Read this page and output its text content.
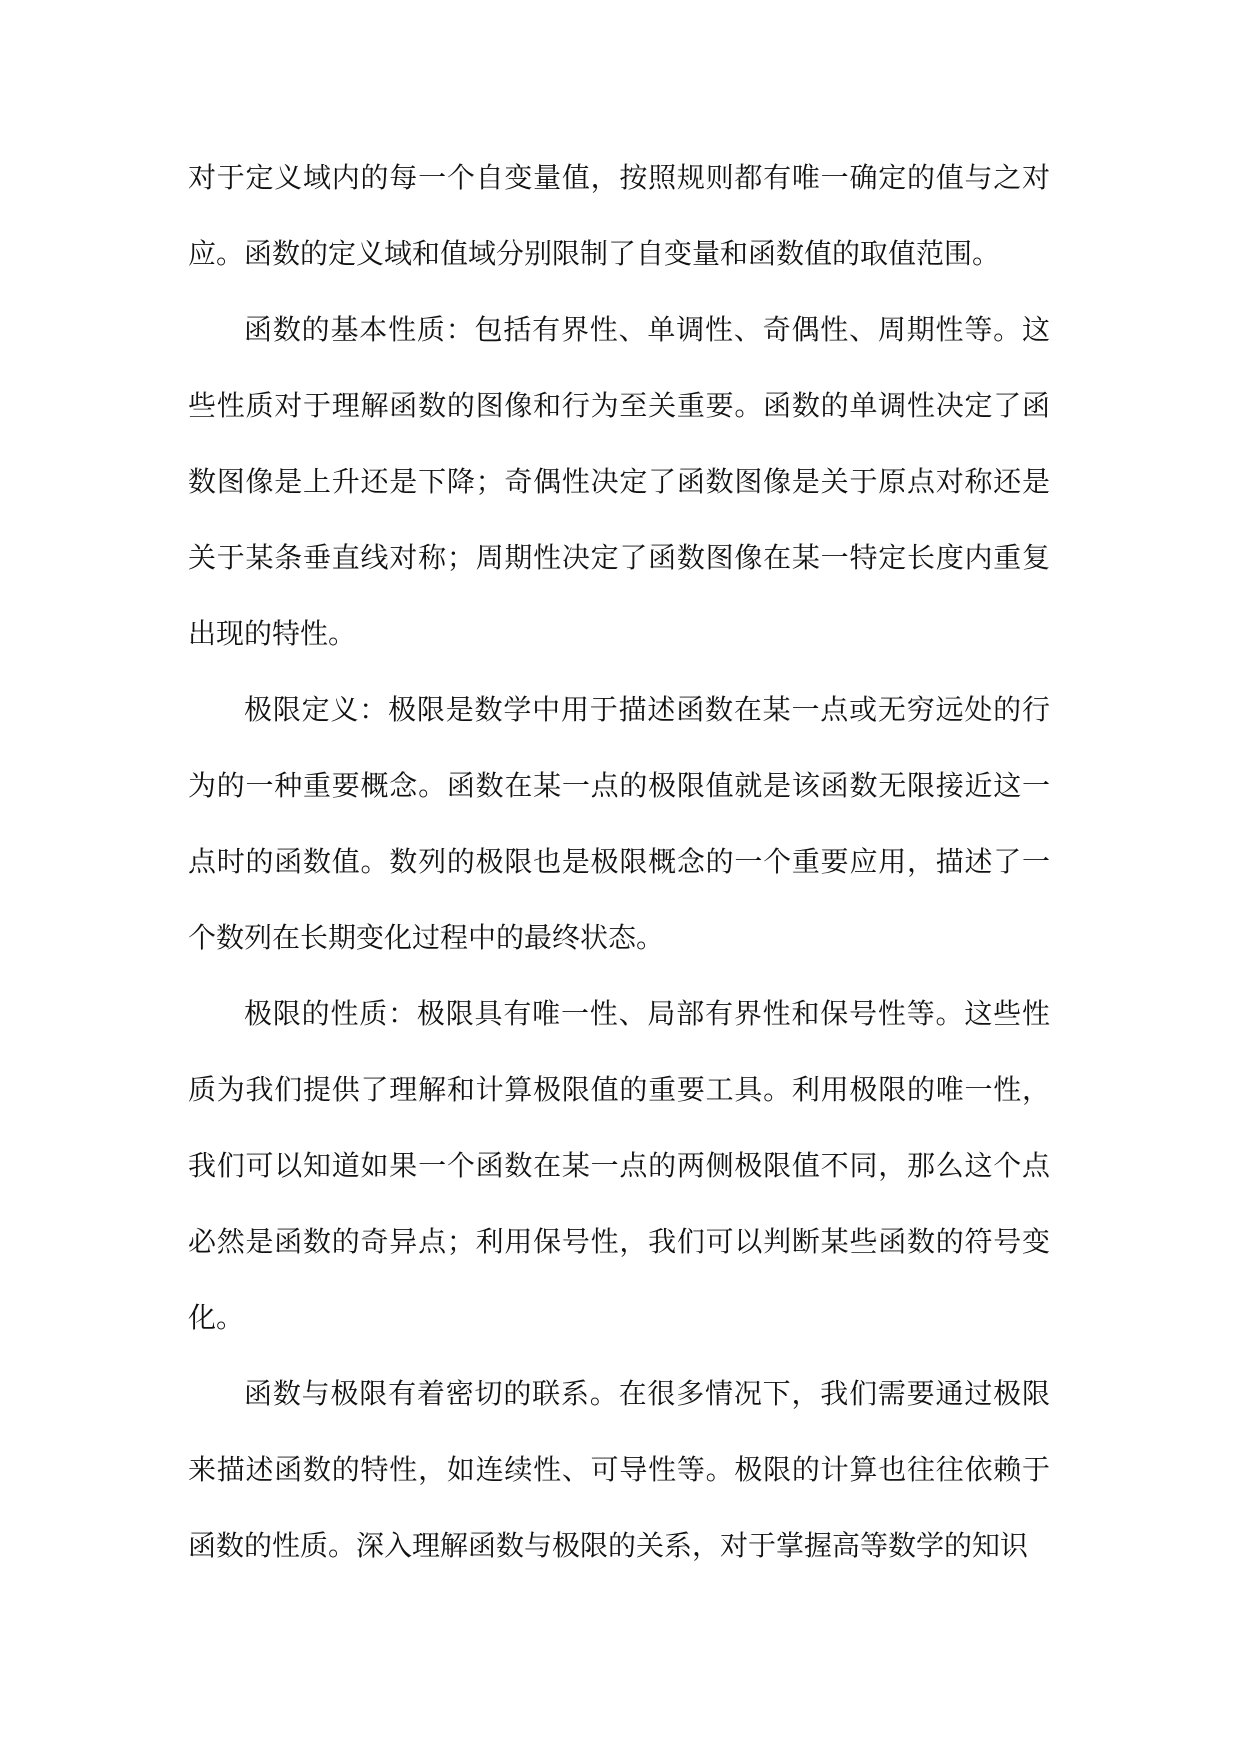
对于定义域内的每一个自变量值，按照规则都有唯一确定的值与之对应。函数的定义域和值域分别限制了自变量和函数值的取值范围。

函数的基本性质：包括有界性、单调性、奇偶性、周期性等。这些性质对于理解函数的图像和行为至关重要。函数的单调性决定了函数图像是上升还是下降；奇偶性决定了函数图像是关于原点对称还是关于某条垂直线对称；周期性决定了函数图像在某一特定长度内重复出现的特性。

极限定义：极限是数学中用于描述函数在某一点或无穷远处的行为的一种重要概念。函数在某一点的极限值就是该函数无限接近这一点时的函数值。数列的极限也是极限概念的一个重要应用，描述了一个数列在长期变化过程中的最终状态。

极限的性质：极限具有唯一性、局部有界性和保号性等。这些性质为我们提供了理解和计算极限值的重要工具。利用极限的唯一性，我们可以知道如果一个函数在某一点的两侧极限值不同，那么这个点必然是函数的奇异点；利用保号性，我们可以判断某些函数的符号变化。

函数与极限有着密切的联系。在很多情况下，我们需要通过极限来描述函数的特性，如连续性、可导性等。极限的计算也往往依赖于函数的性质。深入理解函数与极限的关系，对于掌握高等数学的知识
